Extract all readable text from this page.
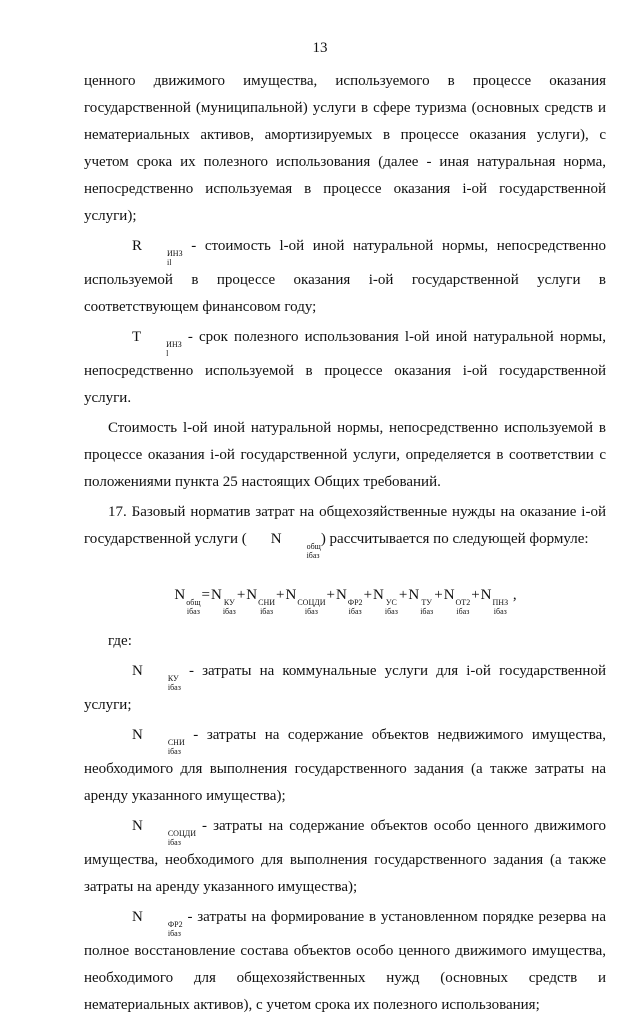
13

ценного движимого имущества, используемого в процессе оказания государственной (муниципальной) услуги в сфере туризма (основных средств и нематериальных активов, амортизируемых в процессе оказания услуги), с учетом срока их полезного использования (далее - иная натуральная норма, непосредственно используемая в процессе оказания i-ой государственной услуги);

R	ИНЗ
il
- стоимость l-ой иной натуральной нормы, непосредственно используемой в процессе оказания i-ой государственной услуги в соответствующем финансовом году;

T	ИНЗ
l
- срок полезного использования l-ой иной натуральной нормы, непосредственно используемой в процессе оказания i-ой государственной услуги.

Стоимость l-ой иной натуральной нормы, непосредственно используемой в процессе оказания i-ой государственной услуги, определяется в соответствии с положениями пункта 25 настоящих Общих требований.

17. Базовый норматив затрат на общехозяйственные нужды на оказание i-ой государственной услуги ( N	общ
iбаз
) рассчитывается по следующей формуле:

N общ
iбаз
=N КУ
iбаз
+N СНИ
iбаз
+N СОЦДИ
iбаз
+N ФР2
iбаз
+N УС
iбаз
+N ТУ
iбаз
+N ОТ2
iбаз
+N ПНЗ
iбаз
,

где:

N	КУ
iбаз
- затраты на коммунальные услуги для i-ой государственной услуги;

N	СНИ
iбаз
- затраты на содержание объектов недвижимого имущества, необходимого для выполнения государственного задания (а также затраты на аренду указанного имущества);

N	СОЦДИ
iбаз
- затраты на содержание объектов особо ценного движимого имущества, необходимого для выполнения государственного задания (а также затраты на аренду указанного имущества);

N	ФР2
iбаз
- затраты на формирование в установленном порядке резерва на полное восстановление состава объектов особо ценного движимого имущества, необходимого для общехозяйственных нужд (основных средств и нематериальных активов), с учетом срока их полезного использования;
